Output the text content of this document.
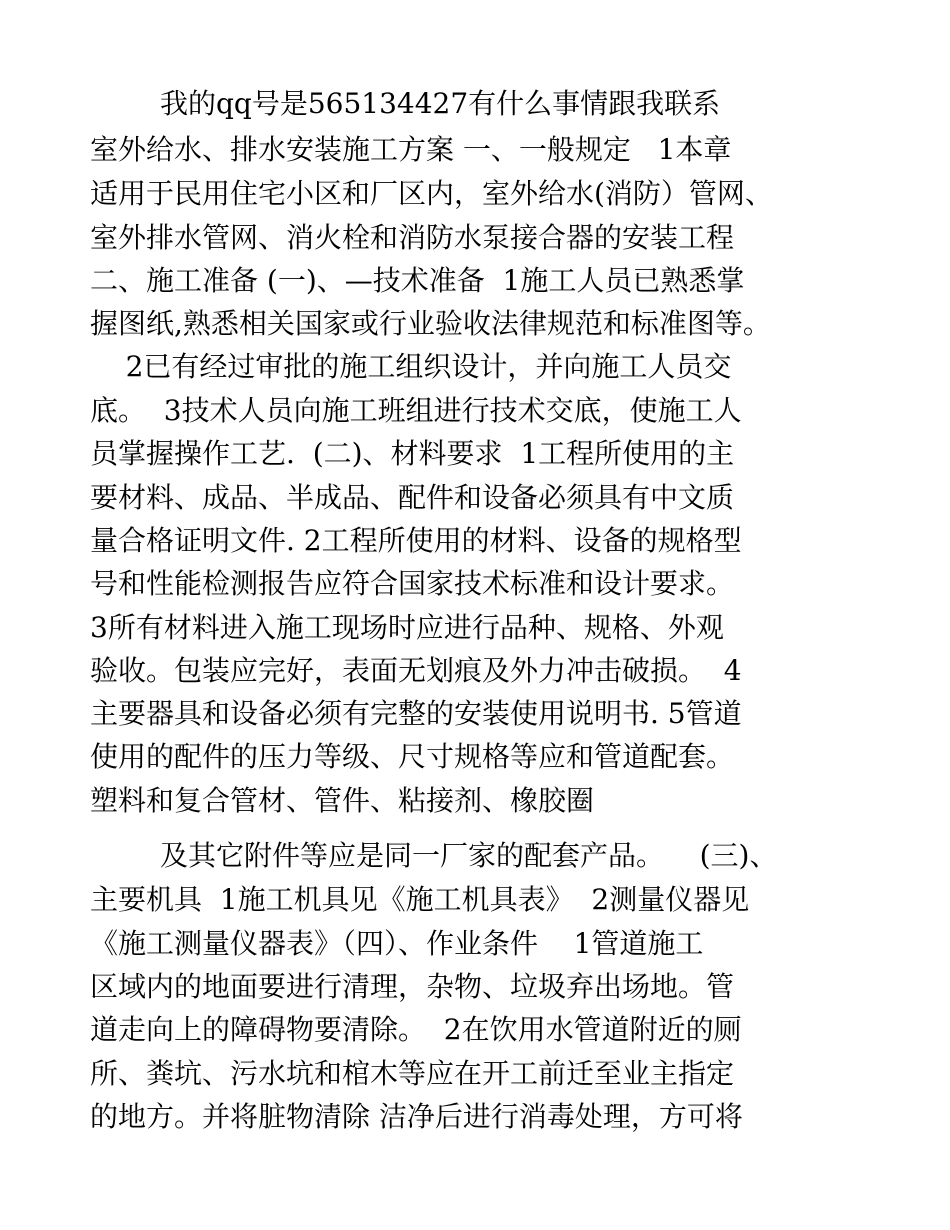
我的qq号是565134427有什么事情跟我联系

室外给水、排水安装施工方案 一、一般规定   1本章

适用于民用住宅小区和厂区内，室外给水(消防）管网、

室外排水管网、消火栓和消防水泵接合器的安装工程

二、施工准备 (一)、—技术准备  1施工人员已熟悉掌

握图纸,熟悉相关国家或行业验收法律规范和标准图等。

2已有经过审批的施工组织设计，并向施工人员交

底。  3技术人员向施工班组进行技术交底，使施工人

员掌握操作工艺.  (二)、材料要求  1工程所使用的主

要材料、成品、半成品、配件和设备必须具有中文质

量合格证明文件. 2工程所使用的材料、设备的规格型

号和性能检测报告应符合国家技术标准和设计要求。

3所有材料进入施工现场时应进行品种、规格、外观

验收。包装应完好，表面无划痕及外力冲击破损。  4

主要器具和设备必须有完整的安装使用说明书. 5管道

使用的配件的压力等级、尺寸规格等应和管道配套。

塑料和复合管材、管件、粘接剂、橡胶圈

及其它附件等应是同一厂家的配套产品。    (三)、

主要机具  1施工机具见《施工机具表》  2测量仪器见

《施工测量仪器表》（四）、作业条件    1管道施工

区域内的地面要进行清理，杂物、垃圾弃出场地。管

道走向上的障碍物要清除。  2在饮用水管道附近的厕

所、粪坑、污水坑和棺木等应在开工前迁至业主指定

的地方。并将脏物清除 洁净后进行消毒处理，方可将
